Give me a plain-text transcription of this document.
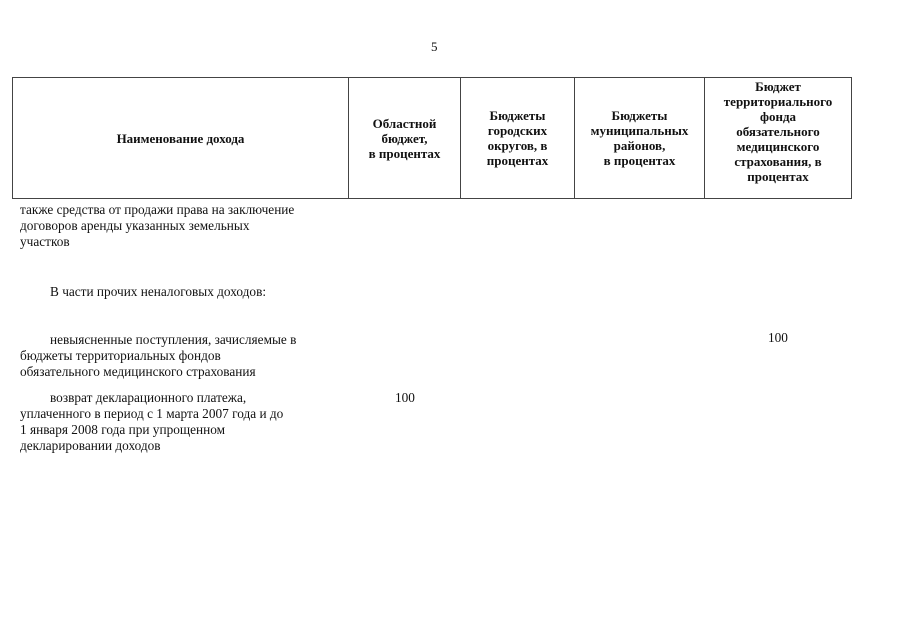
5
Наименование дохода
Областной
бюджет,
в процентах
Бюджеты
городских
округов, в
процентах
Бюджеты
муниципальных
районов,
в процентах
Бюджет
территориального
фонда
обязательного
медицинского
страхования, в
процентах
также средства от продажи права на заключение
договоров аренды указанных земельных
участков
В части прочих неналоговых доходов:
невыясненные поступления, зачисляемые в
бюджеты территориальных фондов
обязательного медицинского страхования
100
возврат декларационного платежа,
уплаченного в период с 1 марта 2007 года и до
1 января 2008 года при упрощенном
декларировании доходов
100
